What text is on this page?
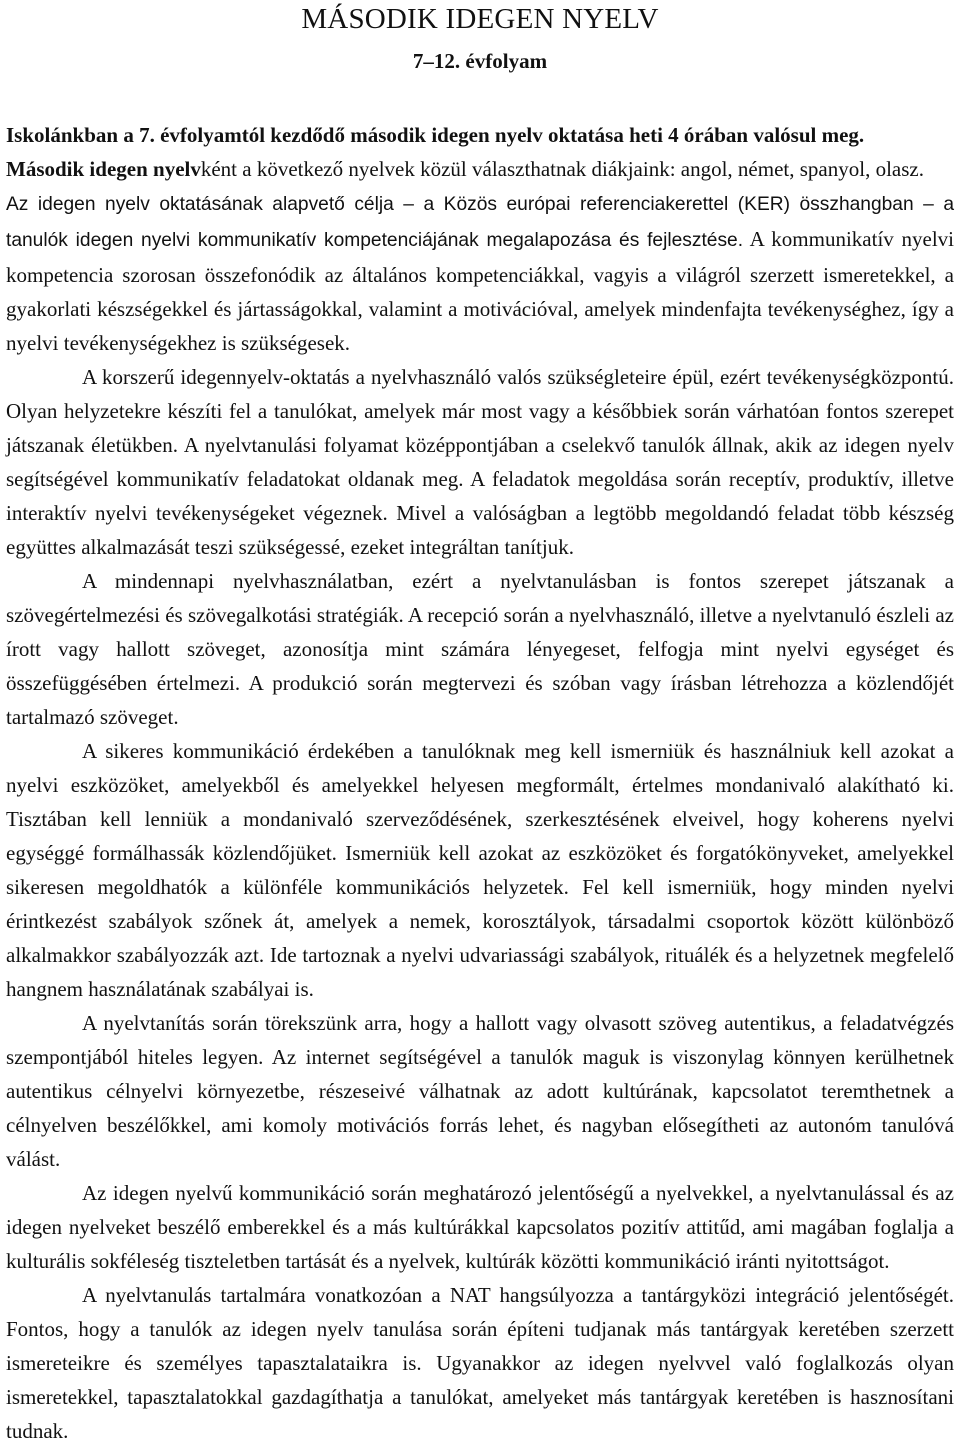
MÁSODIK IDEGEN NYELV
7–12. évfolyam

Iskolánkban a 7. évfolyamtól kezdődő második idegen nyelv oktatása heti 4 órában valósul meg.

Második idegen nyelvként a következő nyelvek közül választhatnak diákjaink: angol, német, spanyol, olasz.

Az idegen nyelv oktatásának alapvető célja – a Közös európai referenciakerettel (KER) összhangban – a tanulók idegen nyelvi kommunikatív kompetenciájának megalapozása és fejlesztése. A kommunikatív nyelvi kompetencia szorosan összefonódik az általános kompetenciákkal, vagyis a világról szerzett ismeretekkel, a gyakorlati készségekkel és jártasságokkal, valamint a motivációval, amelyek mindenfajta tevékenységhez, így a nyelvi tevékenységekhez is szükségesek.

A korszerű idegennyelv-oktatás a nyelvhasználó valós szükségleteire épül, ezért tevékenységközpontú. Olyan helyzetekre készíti fel a tanulókat, amelyek már most vagy a későbbiek során várhatóan fontos szerepet játszanak életükben. A nyelvtanulási folyamat középpontjában a cselekvő tanulók állnak, akik az idegen nyelv segítségével kommunikatív feladatokat oldanak meg. A feladatok megoldása során receptív, produktív, illetve interaktív nyelvi tevékenységeket végeznek. Mivel a valóságban a legtöbb megoldandó feladat több készség együttes alkalmazását teszi szükségessé, ezeket integráltan tanítjuk.

A mindennapi nyelvhasználatban, ezért a nyelvtanulásban is fontos szerepet játszanak a szövegértelmezési és szövegalkotási stratégiák. A recepció során a nyelvhasználó, illetve a nyelvtanuló észleli az írott vagy hallott szöveget, azonosítja mint számára lényegeset, felfogja mint nyelvi egységet és összefüggésében értelmezi. A produkció során megtervezi és szóban vagy írásban létrehozza a közlendőjét tartalmazó szöveget.

A sikeres kommunikáció érdekében a tanulóknak meg kell ismerniük és használniuk kell azokat a nyelvi eszközöket, amelyekből és amelyekkel helyesen megformált, értelmes mondanivaló alakítható ki. Tisztában kell lenniük a mondanivaló szerveződésének, szerkesztésének elveivel, hogy koherens nyelvi egységgé formálhassák közlendőjüket. Ismerniük kell azokat az eszközöket és forgatókönyveket, amelyekkel sikeresen megoldhatók a különféle kommunikációs helyzetek. Fel kell ismerniük, hogy minden nyelvi érintkezést szabályok szőnek át, amelyek a nemek, korosztályok, társadalmi csoportok között különböző alkalmakkor szabályozzák azt. Ide tartoznak a nyelvi udvariassági szabályok, rituálék és a helyzetnek megfelelő hangnem használatának szabályai is.

A nyelvtanítás során törekszünk arra, hogy a hallott vagy olvasott szöveg autentikus, a feladatvégzés szempontjából hiteles legyen. Az internet segítségével a tanulók maguk is viszonylag könnyen kerülhetnek autentikus célnyelvi környezetbe, részeseivé válhatnak az adott kultúrának, kapcsolatot teremthetnek a célnyelven beszélőkkel, ami komoly motivációs forrás lehet, és nagyban elősegítheti az autonóm tanulóvá válást.

Az idegen nyelvű kommunikáció során meghatározó jelentőségű a nyelvekkel, a nyelvtanulással és az idegen nyelveket beszélő emberekkel és a más kultúrákkal kapcsolatos pozitív attitűd, ami magában foglalja a kulturális sokféleség tiszteletben tartását és a nyelvek, kultúrák közötti kommunikáció iránti nyitottságot.

A nyelvtanulás tartalmára vonatkozóan a NAT hangsúlyozza a tantárgyközi integráció jelentőségét. Fontos, hogy a tanulók az idegen nyelv tanulása során építeni tudjanak más tantárgyak keretében szerzett ismereteikre és személyes tapasztalataikra is. Ugyanakkor az idegen nyelvvel való foglalkozás olyan ismeretekkel, tapasztalatokkal gazdagíthatja a tanulókat, amelyeket más tantárgyak keretében is hasznosítani tudnak.
